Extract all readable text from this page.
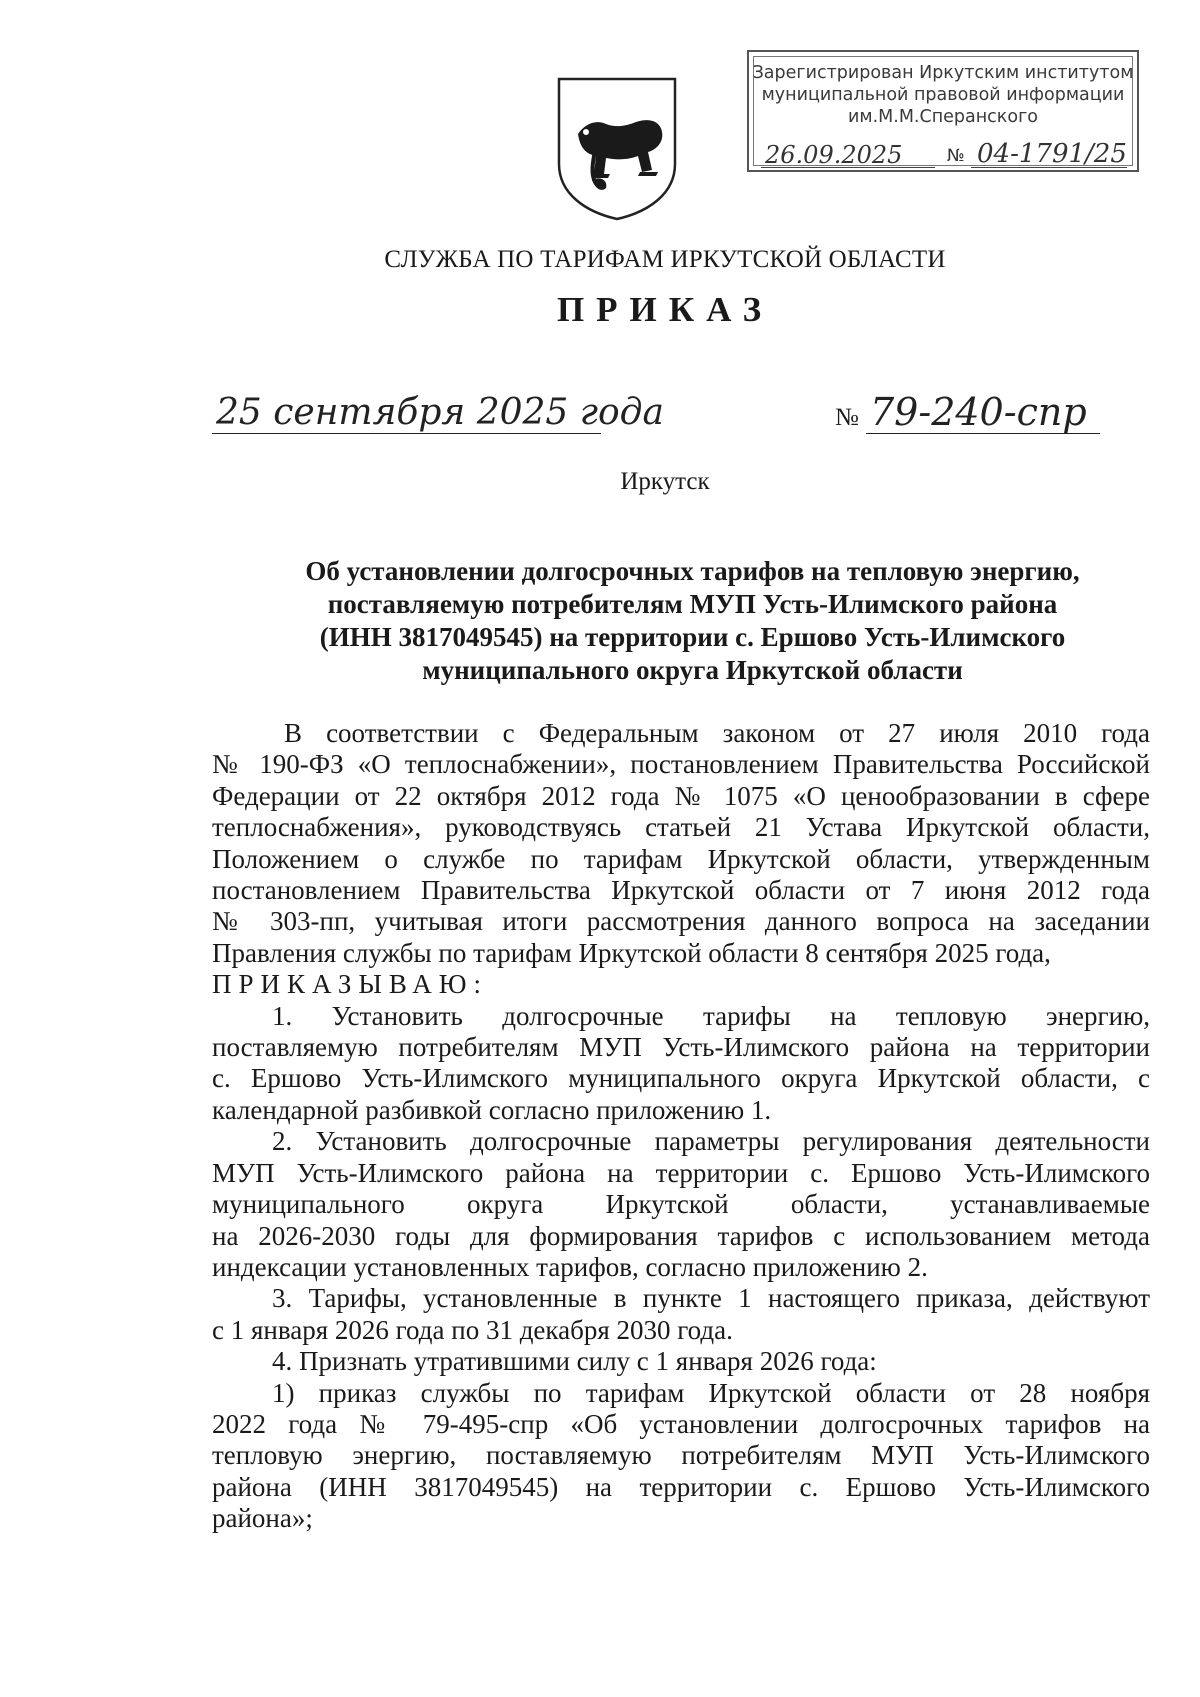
Зарегистрирован Иркутским институтом
муниципальной правовой информации
им.М.М.Сперанского
26.09.2025	№ 04-1791/25
СЛУЖБА ПО ТАРИФАМ ИРКУТСКОЙ ОБЛАСТИ
ПРИКАЗ
25 сентября 2025 года	№ 79-240-спр
Иркутск
Об установлении долгосрочных тарифов на тепловую энергию,
поставляемую потребителям МУП Усть-Илимского района
(ИНН 3817049545) на территории с. Ершово Усть-Илимского
муниципального округа Иркутской области

В соответствии с Федеральным законом от 27 июля 2010 года
№ 190-ФЗ «О теплоснабжении», постановлением Правительства Российской
Федерации от 22 октября 2012 года № 1075 «О ценообразовании в сфере
теплоснабжения», руководствуясь статьей 21 Устава Иркутской области,
Положением о службе по тарифам Иркутской области, утвержденным
постановлением Правительства Иркутской области от 7 июня 2012 года
№ 303-пп, учитывая итоги рассмотрения данного вопроса на заседании
Правления службы по тарифам Иркутской области 8 сентября 2025 года,

ПРИКАЗЫВАЮ:

1. Установить долгосрочные тарифы на тепловую энергию,
поставляемую потребителям МУП Усть-Илимского района на территории
с. Ершово Усть-Илимского муниципального округа Иркутской области, с
календарной разбивкой согласно приложению 1.

2. Установить долгосрочные параметры регулирования деятельности
МУП Усть-Илимского района на территории с. Ершово Усть-Илимского
муниципального округа Иркутской области, устанавливаемые
на 2026-2030 годы для формирования тарифов с использованием метода
индексации установленных тарифов, согласно приложению 2.

3. Тарифы, установленные в пункте 1 настоящего приказа, действуют
с 1 января 2026 года по 31 декабря 2030 года.

4. Признать утратившими силу с 1 января 2026 года:

1) приказ службы по тарифам Иркутской области от 28 ноября
2022 года № 79-495-спр «Об установлении долгосрочных тарифов на
тепловую энергию, поставляемую потребителям МУП Усть-Илимского
района (ИНН 3817049545) на территории с. Ершово Усть-Илимского
района»;
